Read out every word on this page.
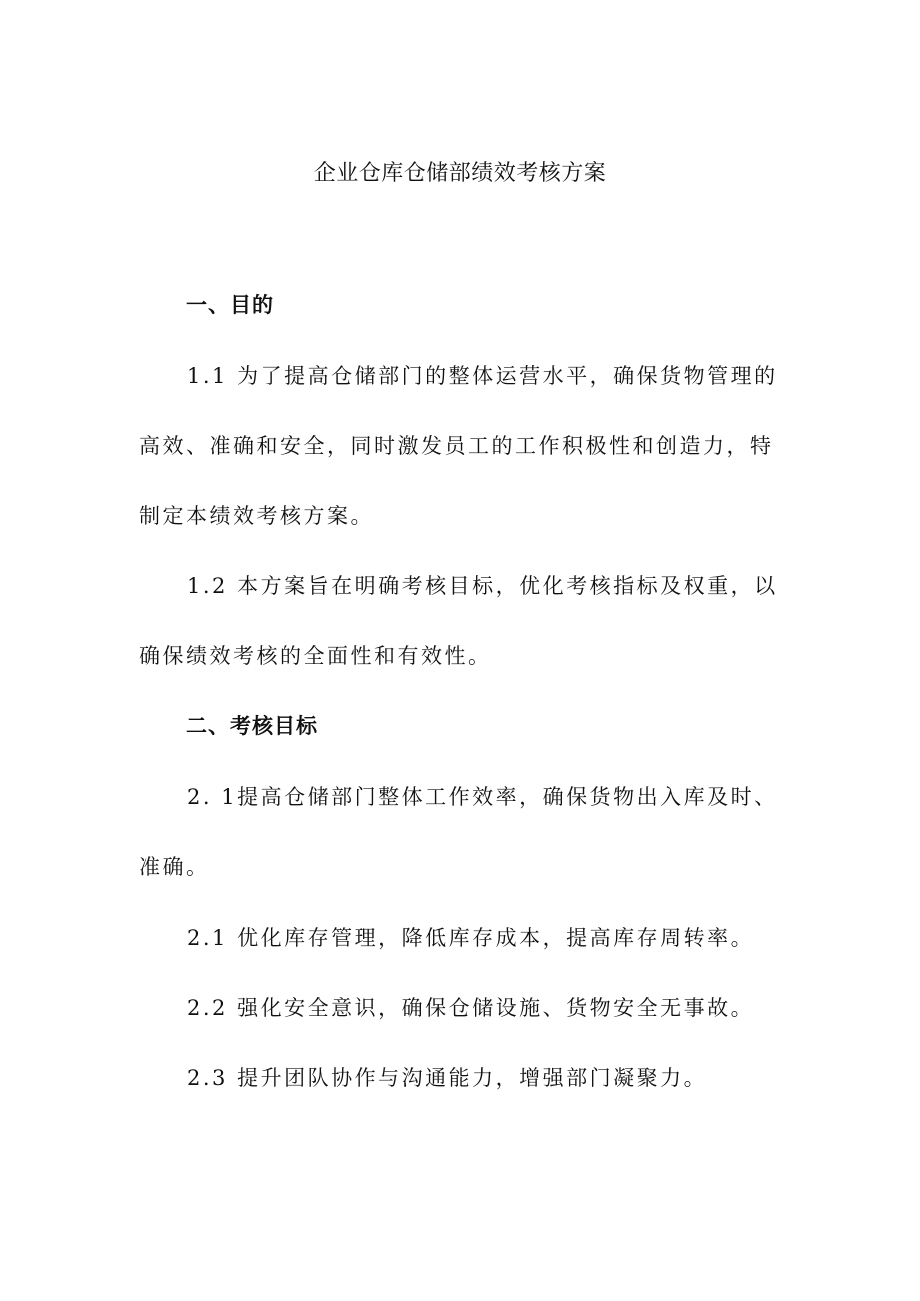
企业仓库仓储部绩效考核方案
一、目的

1.1 为了提高仓储部门的整体运营水平，确保货物管理的高效、准确和安全，同时激发员工的工作积极性和创造力，特制定本绩效考核方案。

1.2 本方案旨在明确考核目标，优化考核指标及权重，以确保绩效考核的全面性和有效性。

二、考核目标

2. 1提高仓储部门整体工作效率，确保货物出入库及时、准确。

2.1 优化库存管理，降低库存成本，提高库存周转率。

2.2 强化安全意识，确保仓储设施、货物安全无事故。

2.3 提升团队协作与沟通能力，增强部门凝聚力。
